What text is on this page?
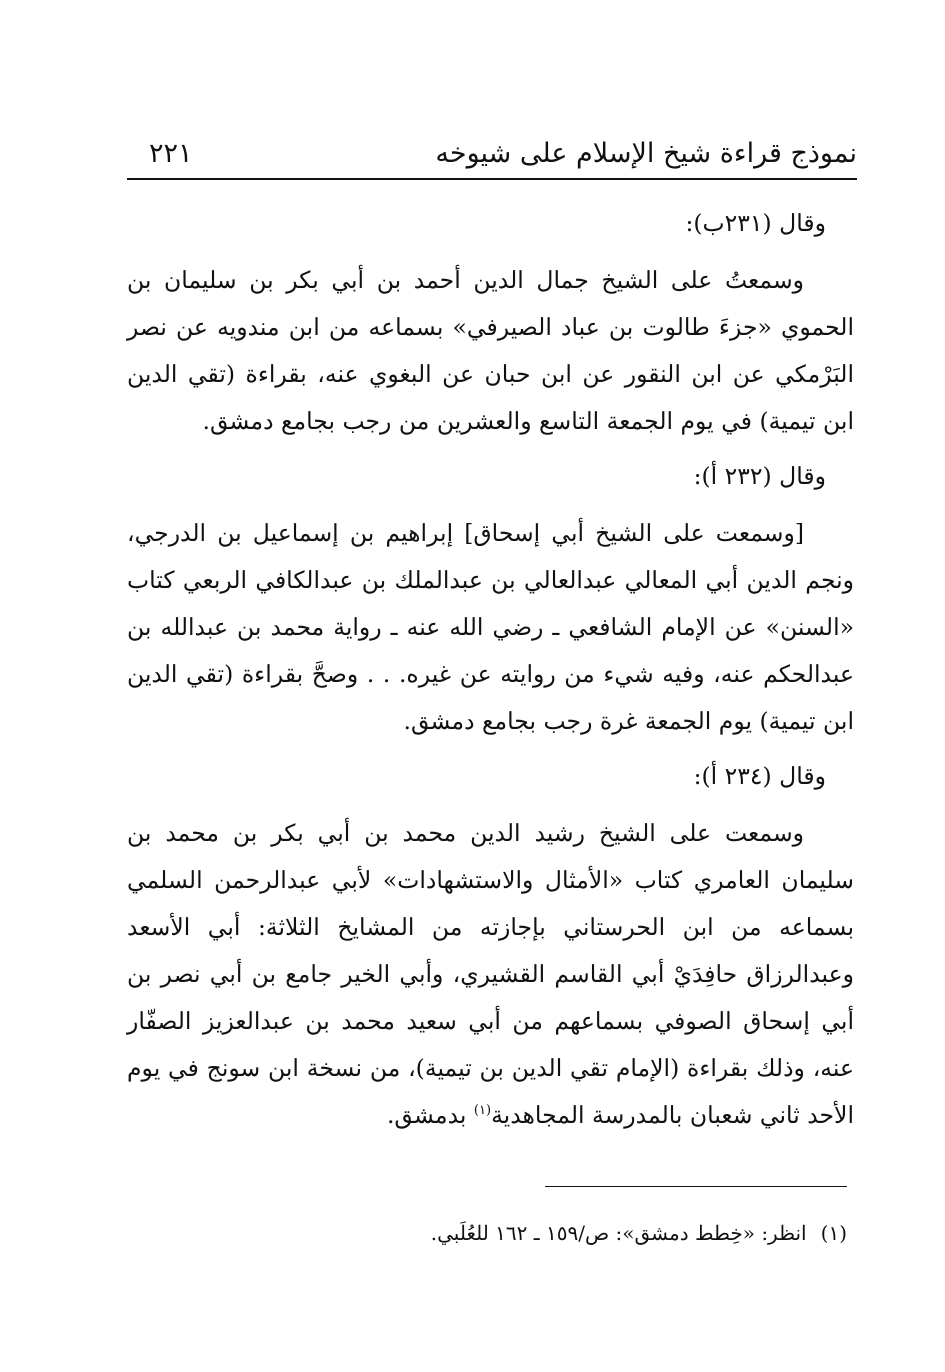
نموذج قراءة شيخ الإسلام على شيوخه
٢٢١

وقال (٢٣١ب):

وسمعتُ على الشيخ جمال الدين أحمد بن أبي بكر بن سليمان بن الحموي «جزءَ طالوت بن عباد الصيرفي» بسماعه من ابن مندويه عن نصر البَرْمكي عن ابن النقور عن ابن حبان عن البغوي عنه، بقراءة (تقي الدين ابن تيمية) في يوم الجمعة التاسع والعشرين من رجب بجامع دمشق.

وقال (٢٣٢ أ):

[وسمعت على الشيخ أبي إسحاق] إبراهيم بن إسماعيل بن الدرجي، ونجم الدين أبي المعالي عبدالعالي بن عبدالملك بن عبدالكافي الربعي كتاب «السنن» عن الإمام الشافعي ـ رضي الله عنه ـ رواية محمد بن عبدالله بن عبدالحكم عنه، وفيه شيء من روايته عن غيره. . . وصحَّ بقراءة (تقي الدين ابن تيمية) يوم الجمعة غرة رجب بجامع دمشق.

وقال (٢٣٤ أ):

وسمعت على الشيخ رشيد الدين محمد بن أبي بكر بن محمد بن سليمان العامري كتاب «الأمثال والاستشهادات» لأبي عبدالرحمن السلمي بسماعه من ابن الحرستاني بإجازته من المشايخ الثلاثة: أبي الأسعد وعبدالرزاق حافِدَيْ أبي القاسم القشيري، وأبي الخير جامع بن أبي نصر بن أبي إسحاق الصوفي بسماعهم من أبي سعيد محمد بن عبدالعزيز الصفّار عنه، وذلك بقراءة (الإمام تقي الدين بن تيمية)، من نسخة ابن سونج في يوم الأحد ثاني شعبان بالمدرسة المجاهدية$^{(١)}$ بدمشق.

(١)انظر: «خِطط دمشق»: ص/١٥٩ ـ ١٦٢ للعُلَبي.
